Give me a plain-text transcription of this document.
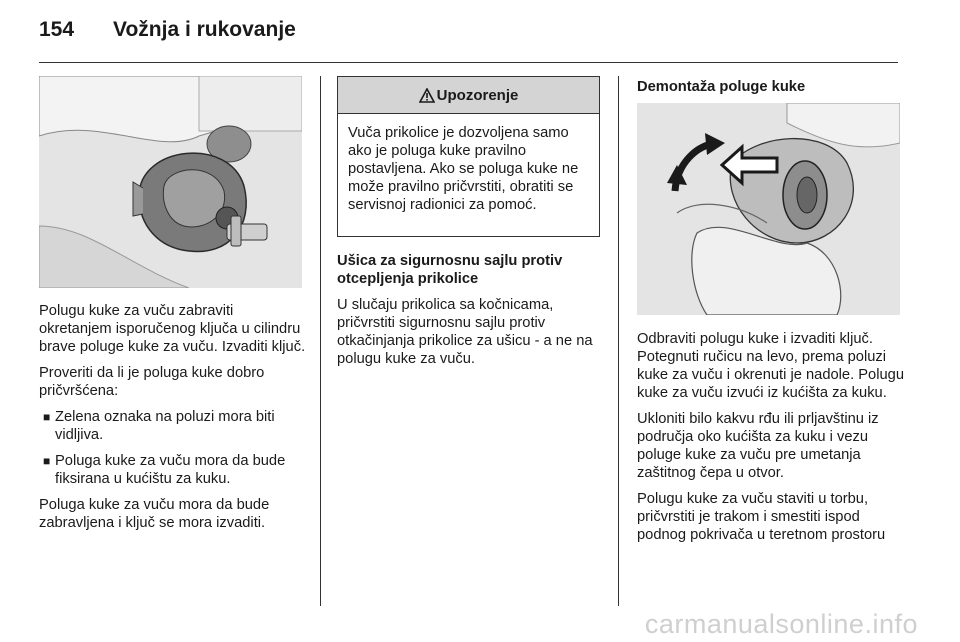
154 Vožnja i rukovanje

Polugu kuke za vuču zabraviti okretanjem isporučenog ključa u cilindru brave poluge kuke za vuču. Izvaditi ključ.

Proveriti da li je poluga kuke dobro pričvršćena:

■ Zelena oznaka na poluzi mora biti vidljiva.
■ Poluga kuke za vuču mora da bude fiksirana u kućištu za kuku.

Poluga kuke za vuču mora da bude zabravljena i ključ se mora izvaditi.

Upozorenje
Vuča prikolice je dozvoljena samo ako je poluga kuke pravilno postavljena. Ako se poluga kuke ne može pravilno pričvrstiti, obratiti se servisnoj radionici za pomoć.

Ušica za sigurnosnu sajlu protiv otcepljenja prikolice

U slučaju prikolica sa kočnicama, pričvrstiti sigurnosnu sajlu protiv otkačinjanja prikolice za ušicu - a ne na polugu kuke za vuču.

Demontaža poluge kuke

Odbraviti polugu kuke i izvaditi ključ. Potegnuti ručicu na levo, prema poluzi kuke za vuču i okrenuti je nadole. Polugu kuke za vuču izvući iz kućišta za kuku.

Ukloniti bilo kakvu rđu ili prljavštinu iz područja oko kućišta za kuku i vezu poluge kuke za vuču pre umetanja zaštitnog čepa u otvor.

Polugu kuke za vuču staviti u torbu, pričvrstiti je trakom i smestiti ispod podnog pokrivača u teretnom prostoru

carmanualsonline.info
